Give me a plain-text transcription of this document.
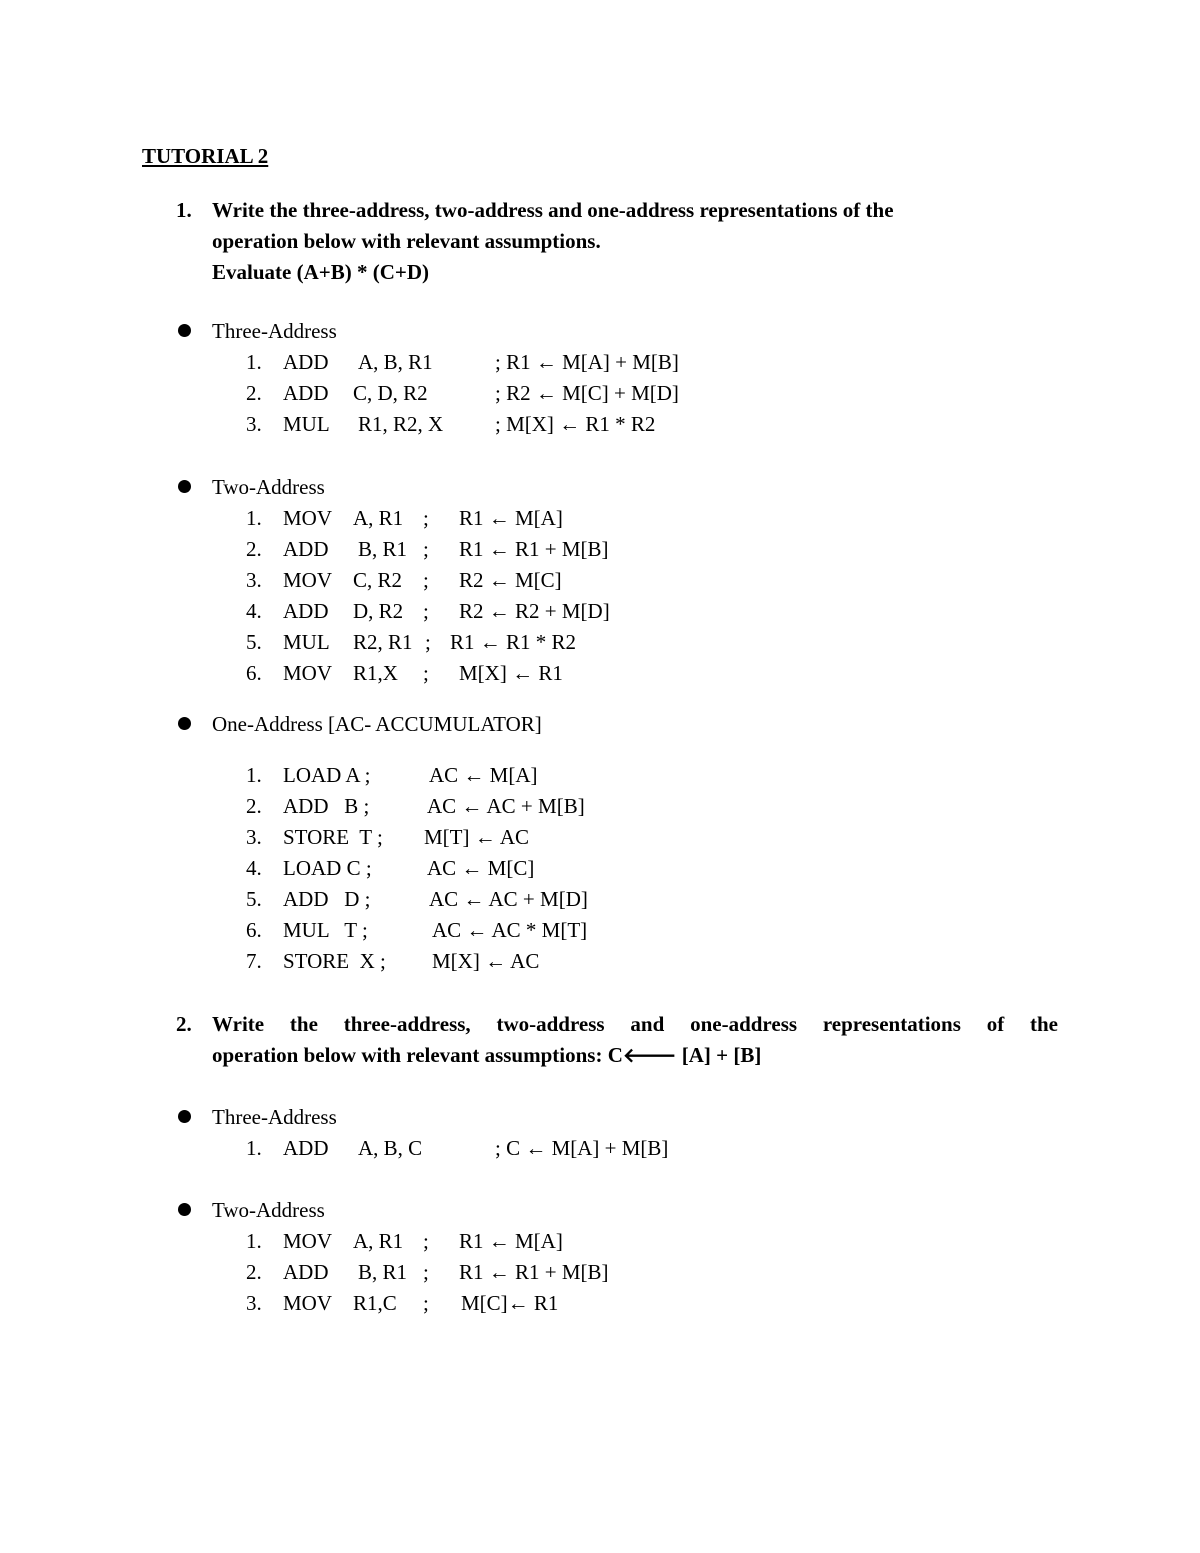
TUTORIAL 2
1. Write the three-address, two-address and one-address representations of the
operation below with relevant assumptions.
Evaluate (A+B) * (C+D)
Three-Address
1. ADD A, B, R1	; R1 ← M[A] + M[B]
2. ADD C, D, R2	; R2 ← M[C] + M[D]
3. MUL R1, R2, X ; M[X] ← R1 * R2
Two-Address
1. MOV A, R1 ; R1 ← M[A]
2. ADD B, R1 ; R1 ← R1 + M[B]
3. MOV C, R2 ; R2 ← M[C]
4. ADD D, R2 ; R2 ← R2 + M[D]
5. MUL R2, R1 ; R1 ← R1 * R2
6. MOV R1,X ; M[X] ← R1
One-Address [AC- ACCUMULATOR]
1. LOAD A ;	AC ← M[A]
2. ADD   B ;	AC ← AC + M[B]
3. STORE  T ; M[T] ← AC
4. LOAD C ;	AC ← M[C]
5. ADD   D ;	AC ← AC + M[D]
6. MUL   T ;	AC ← AC * M[T]
7. STORE  X ; M[X] ← AC
2. Write the three-address, two-address and one-address representations of the
operation below with relevant assumptions: C🡐 [A] + [B]
Three-Address
1. ADD A, B, C	; C ← M[A] + M[B]
Two-Address
1. MOV A, R1 ; R1 ← M[A]
2. ADD B, R1 ; R1 ← R1 + M[B]
3. MOV R1,C ; M[C]← R1
